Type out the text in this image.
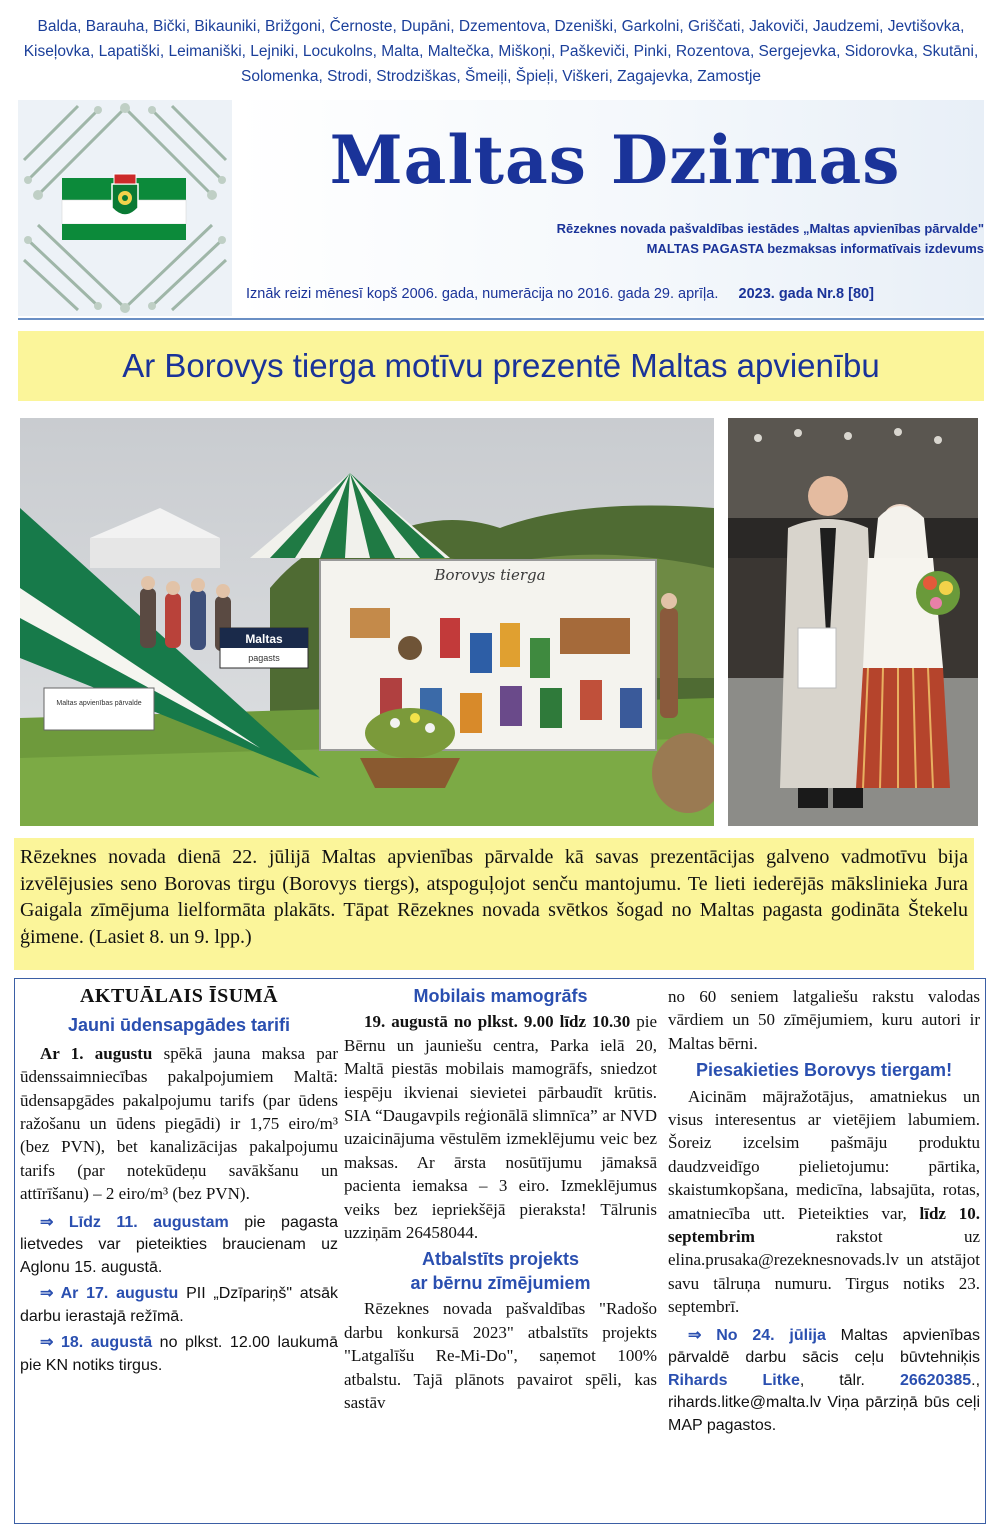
Balda, Barauha, Bički, Bikauniki, Brižgoni, Černoste, Dupāni, Dzementova, Dzeniški, Garkolni, Griščati, Jakoviči, Jaudzemi, Jevtišovka, Kiseļovka, Lapatiški, Leimaniški, Lejniki, Locukolns, Malta, Maltečka, Miškoņi, Paškeviči, Pinki, Rozentova, Sergejevka, Sidorovka, Skutāni, Solomenka, Strodi, Strodziškas, Šmeiļi, Špieļi, Viškeri, Zagajevka, Zamostje
Maltas Dzirnas
Rēzeknes novada pašvaldības iestādes „Maltas apvienības pārvalde"
MALTAS PAGASTA bezmaksas informatīvais izdevums
Iznāk reizi mēnesī kopš 2006. gada, numerācija no 2016. gada 29. aprīļa. 2023. gada Nr.8 [80]
Ar Borovys tierga motīvu prezentē Maltas apvienību
Maltas
pagasts
Maltas apvienības pārvalde
Borovys tierga
Rēzeknes novada dienā 22. jūlijā Maltas apvienības pārvalde kā savas prezentācijas galveno vadmotīvu bija izvēlējusies seno Borovas tirgu (Borovys tiergs), atspoguļojot senču mantojumu. Te lieti iederējās mākslinieka Jura Gaigala zīmējuma lielformāta plakāts. Tāpat Rēzeknes novada svētkos šogad no Maltas pagasta godināta Štekelu ģimene. (Lasiet 8. un 9. lpp.)
AKTUĀLAIS ĪSUMĀ
Jauni ūdensapgādes tarifi

Ar 1. augustu spēkā jauna maksa par ūdenssaimniecības pakalpojumiem Maltā: ūdensapgādes pakalpojumu tarifs (par ūdens ražošanu un ūdens piegādi) ir 1,75 eiro/m³ (bez PVN), bet kanalizācijas pakalpojumu tarifs (par notekūdeņu savākšanu un attīrīšanu) – 2 eiro/m³ (bez PVN).

⇒ Līdz 11. augustam pie pagasta lietvedes var pieteikties braucienam uz Aglonu 15. augustā.

⇒ Ar 17. augustu PII „Dzīpariņš" atsāk darbu ierastajā režīmā.

⇒ 18. augustā no plkst. 12.00 laukumā pie KN notiks tirgus.

Mobilais mamogrāfs

19. augustā no plkst. 9.00 līdz 10.30 pie Bērnu un jauniešu centra, Parka ielā 20, Maltā piestās mobilais mamogrāfs, sniedzot iespēju ikvienai sievietei pārbaudīt krūtis. SIA “Daugavpils reģionālā slimnīca” ar NVD uzaicinājuma vēstulēm izmeklējumu veic bez maksas. Ar ārsta nosūtījumu jāmaksā pacienta iemaksa – 3 eiro. Izmeklējumus veiks bez iepriekšējā pieraksta! Tālrunis uzziņām 26458044.

Atbalstīts projekts
ar bērnu zīmējumiem

Rēzeknes novada pašvaldības "Radošo darbu konkursā 2023" atbalstīts projekts "Latgalīšu Re-Mi-Do", saņemot 100% atbalstu. Tajā plānots pavairot spēli, kas sastāv

no 60 seniem latgaliešu rakstu valodas vārdiem un 50 zīmējumiem, kuru autori ir Maltas bērni.

Piesakieties Borovys tiergam!

Aicinām mājražotājus, amatniekus un visus interesentus ar vietējiem labumiem. Šoreiz izcelsim pašmāju produktu daudzveidīgo pielietojumu: pārtika, skaistumkopšana, medicīna, labsajūta, rotas, amatniecība utt. Pieteikties var, līdz 10. septembrim rakstot uz elina.prusaka@rezeknesnovads.lv un atstājot savu tālruņa numuru. Tirgus notiks 23. septembrī.

⇒ No 24. jūlija Maltas apvienības pārvaldē darbu sācis ceļu būvtehniķis Rihards Litke, tālr. 26620385., rihards.litke@malta.lv Viņa pārziņā būs ceļi MAP pagastos.
